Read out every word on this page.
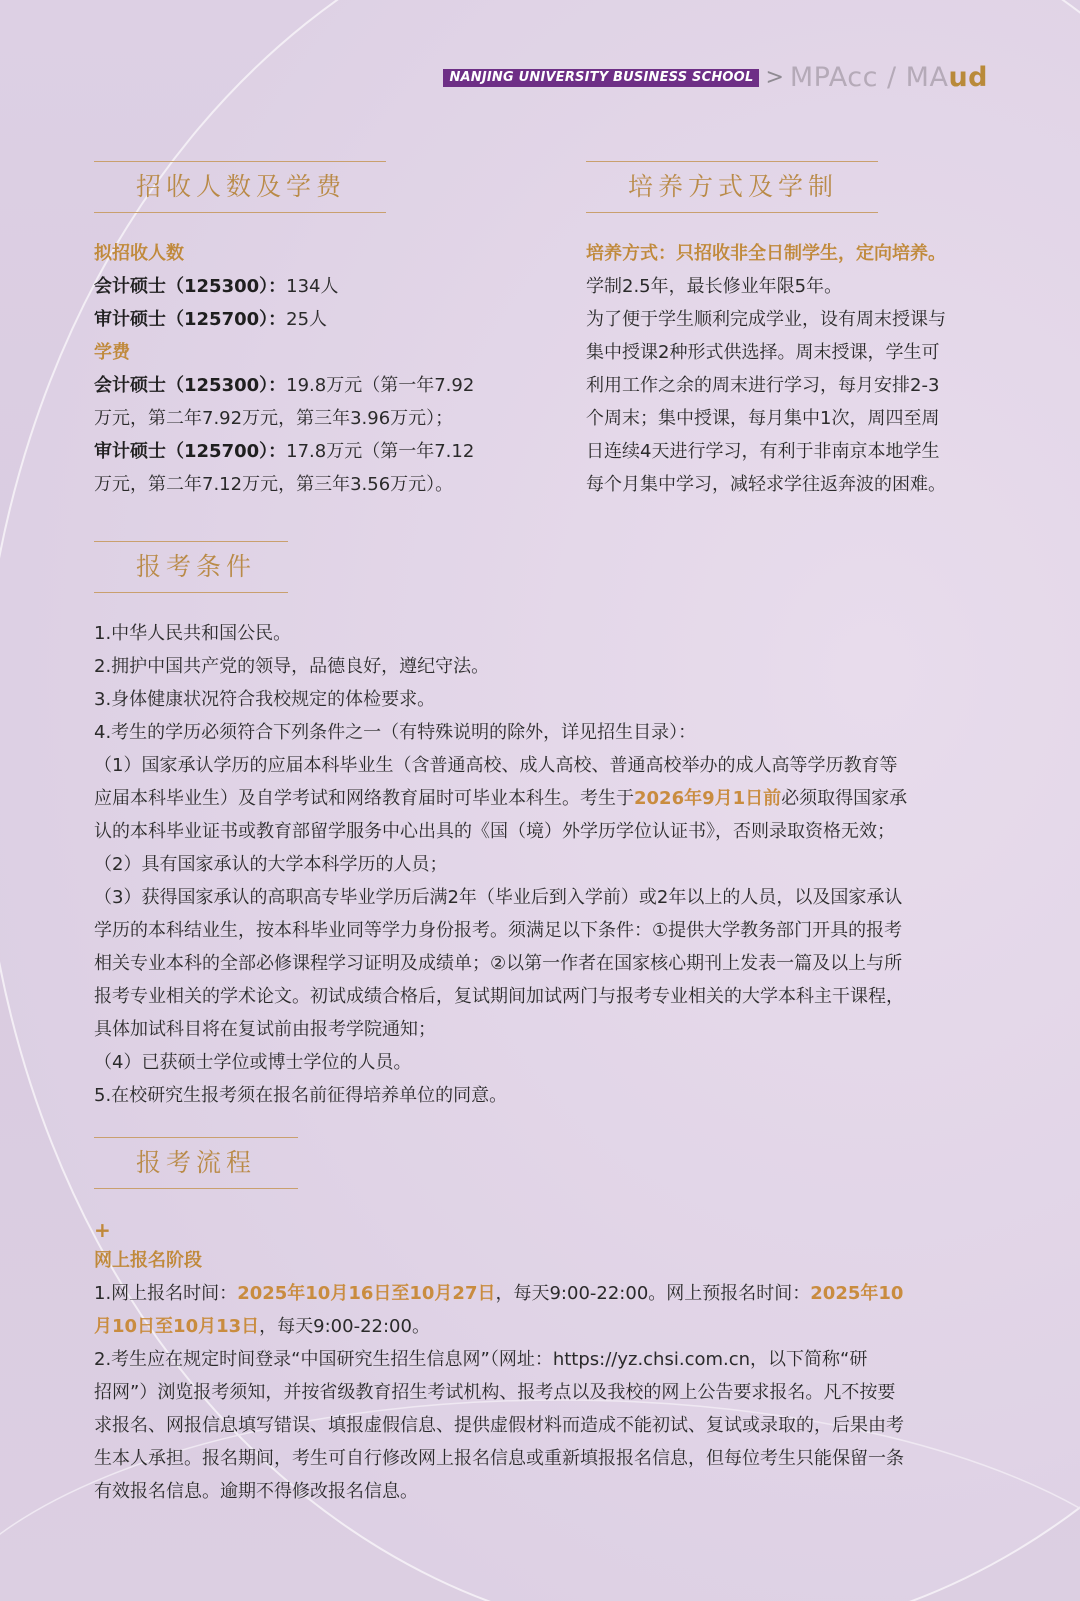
NANJING UNIVERSITY BUSINESS SCHOOL > MPAcc / MAud
招收人数及学费	培养方式及学制

拟招收人数

会计硕士（125300）：134人

审计硕士（125700）：25人

学费

会计硕士（125300）：19.8万元（第一年7.92

万元，第二年7.92万元，第三年3.96万元）；

审计硕士（125700）：17.8万元（第一年7.12

万元，第二年7.12万元，第三年3.56万元）。

培养方式：只招收非全日制学生，定向培养。

学制2.5年，最长修业年限5年。

为了便于学生顺利完成学业，设有周末授课与

集中授课2种形式供选择。周末授课，学生可

利用工作之余的周末进行学习，每月安排2-3

个周末；集中授课，每月集中1次，周四至周

日连续4天进行学习，有利于非南京本地学生

每个月集中学习，减轻求学往返奔波的困难。

报考条件

1.中华人民共和国公民。

2.拥护中国共产党的领导，品德良好，遵纪守法。

3.身体健康状况符合我校规定的体检要求。

4.考生的学历必须符合下列条件之一（有特殊说明的除外，详见招生目录）：

（1）国家承认学历的应届本科毕业生（含普通高校、成人高校、普通高校举办的成人高等学历教育等

应届本科毕业生）及自学考试和网络教育届时可毕业本科生。考生于2026年9月1日前必须取得国家承

认的本科毕业证书或教育部留学服务中心出具的《国（境）外学历学位认证书》，否则录取资格无效；

（2）具有国家承认的大学本科学历的人员；

（3）获得国家承认的高职高专毕业学历后满2年（毕业后到入学前）或2年以上的人员，以及国家承认

学历的本科结业生，按本科毕业同等学力身份报考。须满足以下条件：①提供大学教务部门开具的报考

相关专业本科的全部必修课程学习证明及成绩单；②以第一作者在国家核心期刊上发表一篇及以上与所

报考专业相关的学术论文。初试成绩合格后，复试期间加试两门与报考专业相关的大学本科主干课程，

具体加试科目将在复试前由报考学院通知；

（4）已获硕士学位或博士学位的人员。

5.在校研究生报考须在报名前征得培养单位的同意。

报考流程
+

网上报名阶段

1.网上报名时间：2025年10月16日至10月27日，每天9:00-22:00。网上预报名时间：2025年10

月10日至10月13日，每天9:00-22:00。

2.考生应在规定时间登录“中国研究生招生信息网”（网址：https://yz.chsi.com.cn，以下简称“研

招网”）浏览报考须知，并按省级教育招生考试机构、报考点以及我校的网上公告要求报名。凡不按要

求报名、网报信息填写错误、填报虚假信息、提供虚假材料而造成不能初试、复试或录取的，后果由考

生本人承担。报名期间，考生可自行修改网上报名信息或重新填报报名信息，但每位考生只能保留一条

有效报名信息。逾期不得修改报名信息。
